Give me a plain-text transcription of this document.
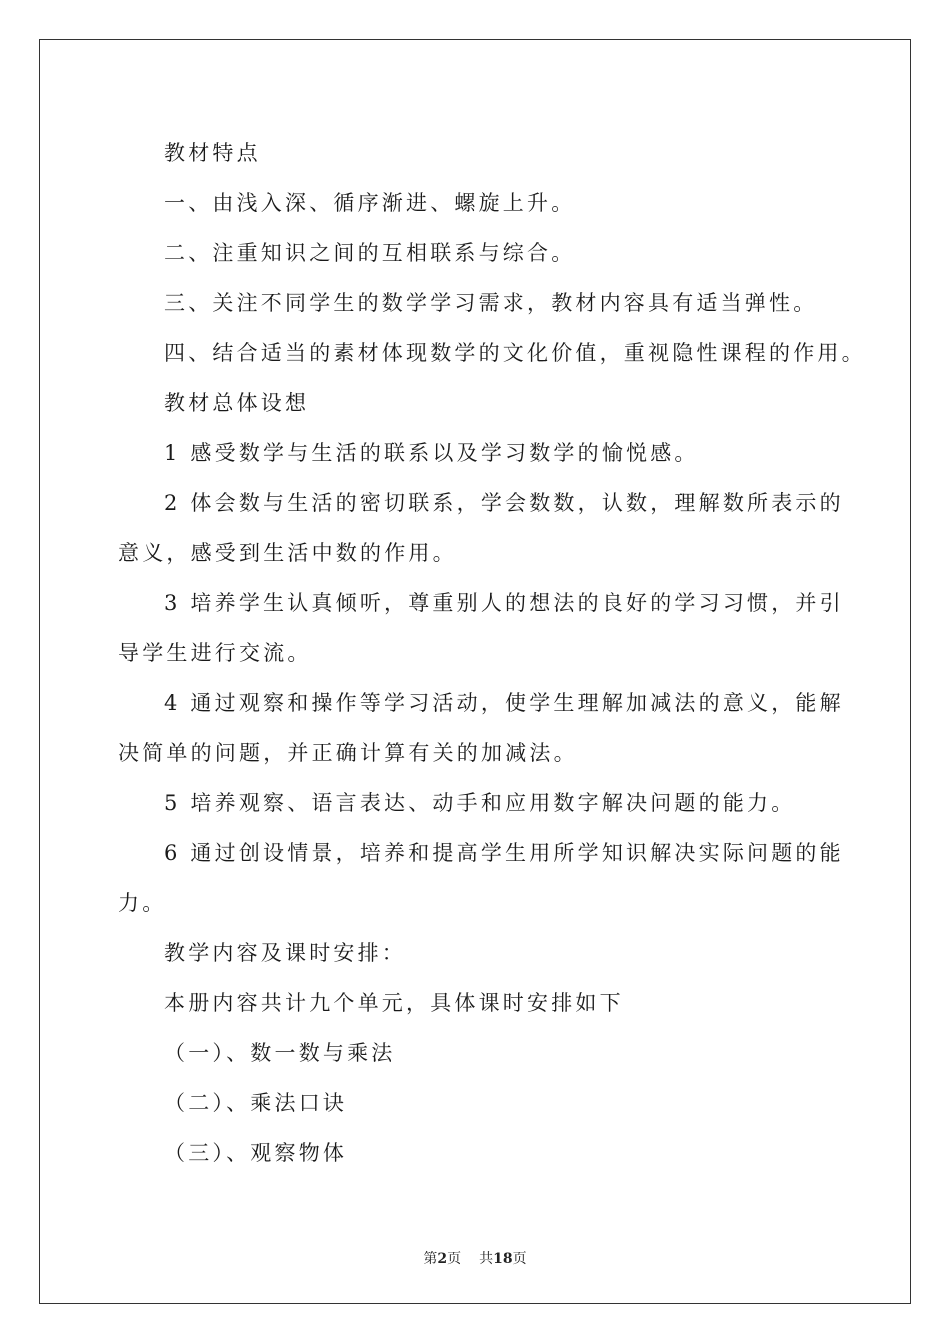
教材特点
一、由浅入深、循序渐进、螺旋上升。
二、注重知识之间的互相联系与综合。
三、关注不同学生的数学学习需求，教材内容具有适当弹性。
四、结合适当的素材体现数学的文化价值，重视隐性课程的作用。
教材总体设想
1 感受数学与生活的联系以及学习数学的愉悦感。
2 体会数与生活的密切联系，学会数数，认数，理解数所表示的
意义，感受到生活中数的作用。
3 培养学生认真倾听，尊重别人的想法的良好的学习习惯，并引
导学生进行交流。
4 通过观察和操作等学习活动，使学生理解加减法的意义，能解
决简单的问题，并正确计算有关的加减法。
5 培养观察、语言表达、动手和应用数字解决问题的能力。
6 通过创设情景，培养和提高学生用所学知识解决实际问题的能
力。
教学内容及课时安排：
本册内容共计九个单元，具体课时安排如下
（一）、数一数与乘法
（二）、乘法口诀
（三）、观察物体
第2页 共18页
